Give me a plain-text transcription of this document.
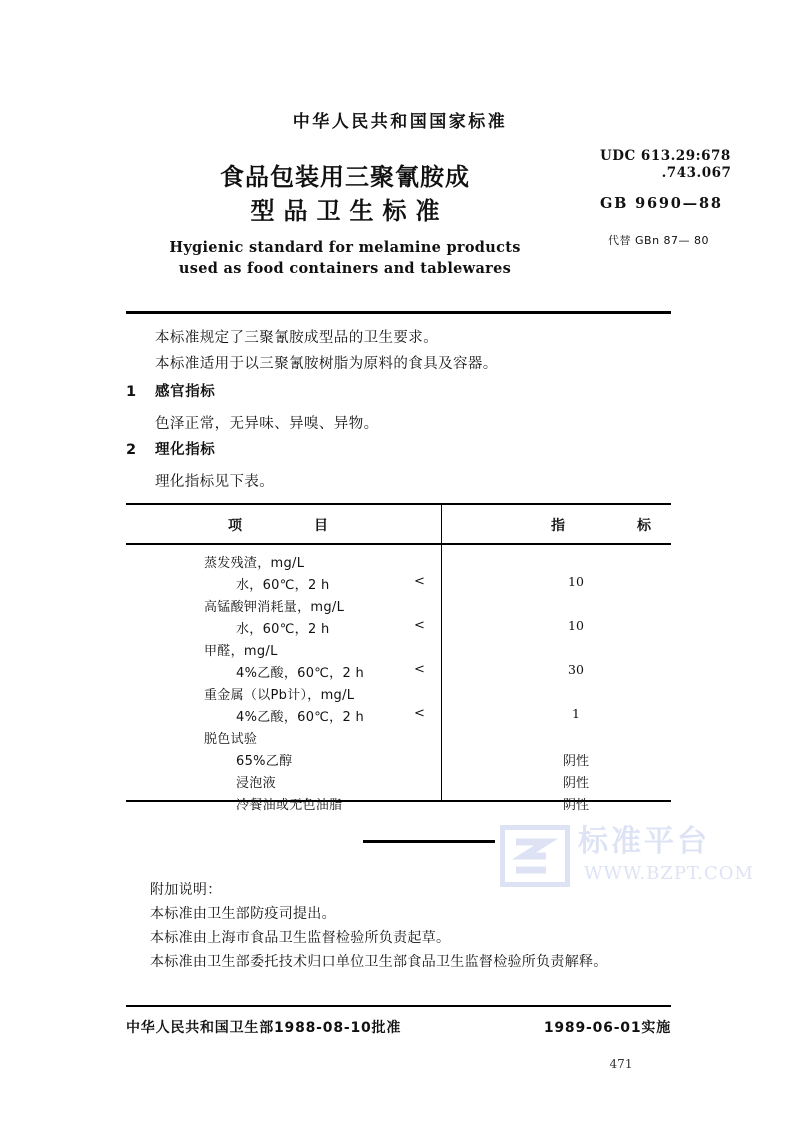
中华人民共和国国家标准
食品包装用三聚氰胺成
型品卫生标准
Hygienic standard for melamine products
used as food containers and tablewares
UDC 613.29:678
.743.067
GB 9690—88
代替 GBn 87— 80
本标准规定了三聚氰胺成型品的卫生要求。
本标准适用于以三聚氰胺树脂为原料的食具及容器。
1 感官指标
色泽正常，无异味、异嗅、异物。
2 理化指标
理化指标见下表。
项目	指标
蒸发残渣，mg/L
水，60℃，2 h	<	10
高锰酸钾消耗量，mg/L
水，60℃，2 h	<	10
甲醛，mg/L
4%乙酸，60℃，2 h	<	30
重金属（以Pb计），mg/L
4%乙酸，60℃，2 h	<	1
脱色试验
65%乙醇	阴性
浸泡液	阴性
冷餐油或无色油脂	阴性
标准平台
WWW.BZPT.COM
附加说明：
本标准由卫生部防疫司提出。
本标准由上海市食品卫生监督检验所负责起草。
本标准由卫生部委托技术归口单位卫生部食品卫生监督检验所负责解释。
中华人民共和国卫生部1988-08-10批准	1989-06-01实施
471
